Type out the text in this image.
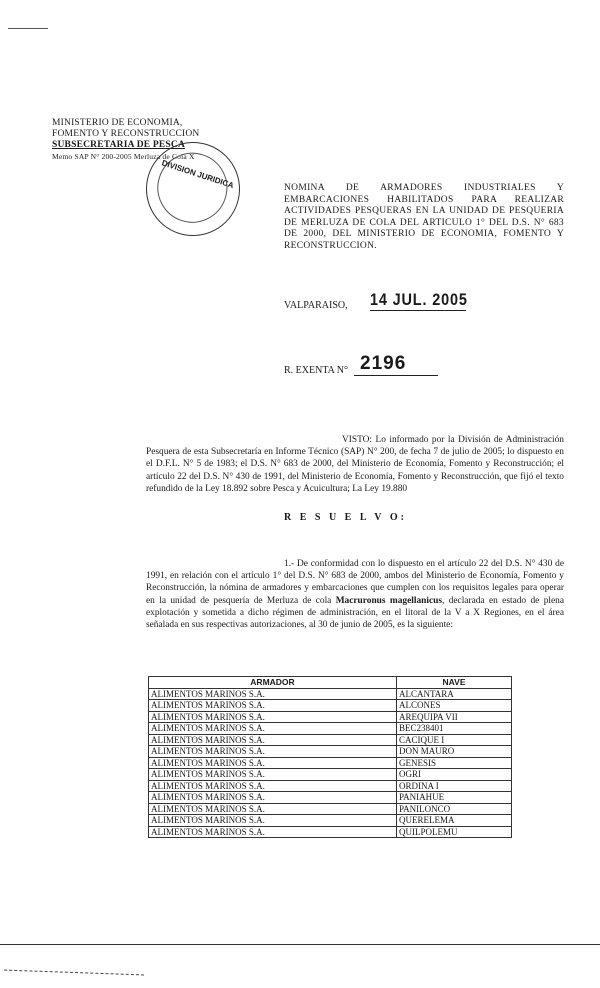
MINISTERIO DE ECONOMIA,
FOMENTO Y RECONSTRUCCION
SUBSECRETARIA DE PESCA
Memo SAP N° 200-2005 Merluza de Cola X
DIVISION JURIDICA	NOMINA DE ARMADORES INDUSTRIALES Y EMBARCACIONES HABILITADOS PARA REALIZAR ACTIVIDADES PESQUERAS EN LA UNIDAD DE PESQUERIA DE MERLUZA DE COLA DEL ARTICULO 1° DEL D.S. N° 683 DE 2000, DEL MINISTERIO DE ECONOMIA, FOMENTO Y RECONSTRUCCION.
VALPARAISO, 14 JUL. 2005
R. EXENTA N° 2196
VISTO: Lo informado por la División de Administración Pesquera de esta Subsecretaría en Informe Técnico (SAP) N° 200, de fecha 7 de julio de 2005; lo dispuesto en el D.F.L. N° 5 de 1983; el D.S. N° 683 de 2000, del Ministerio de Economía, Fomento y Reconstrucción; el artículo 22 del D.S. N° 430 de 1991, del Ministerio de Economía, Fomento y Reconstrucción, que fijó el texto refundido de la Ley 18.892 sobre Pesca y Acuicultura; La Ley 19.880
R E S U E L V O:
1.- De conformidad con lo dispuesto en el artículo 22 del D.S. N° 430 de 1991, en relación con el artículo 1° del D.S. N° 683 de 2000, ambos del Ministerio de Economía, Fomento y Reconstrucción, la nómina de armadores y embarcaciones que cumplen con los requisitos legales para operar en la unidad de pesquería de Merluza de cola Macruronus magellanicus, declarada en estado de plena explotación y sometida a dicho régimen de administración, en el litoral de la V a X Regiones, en el área señalada en sus respectivas autorizaciones, al 30 de junio de 2005, es la siguiente:
ARMADOR	NAVE
ALIMENTOS MARINOS S.A.	ALCANTARA
ALIMENTOS MARINOS S.A.	ALCONES
ALIMENTOS MARINOS S.A.	AREQUIPA VII
ALIMENTOS MARINOS S.A.	BEC238401
ALIMENTOS MARINOS S.A.	CACIQUE I
ALIMENTOS MARINOS S.A.	DON MAURO
ALIMENTOS MARINOS S.A.	GENESIS
ALIMENTOS MARINOS S.A.	OGRI
ALIMENTOS MARINOS S.A.	ORDINA I
ALIMENTOS MARINOS S.A.	PANIAHUE
ALIMENTOS MARINOS S.A.	PANILONCO
ALIMENTOS MARINOS S.A.	QUERELEMA
ALIMENTOS MARINOS S.A.	QUILPOLEMU
